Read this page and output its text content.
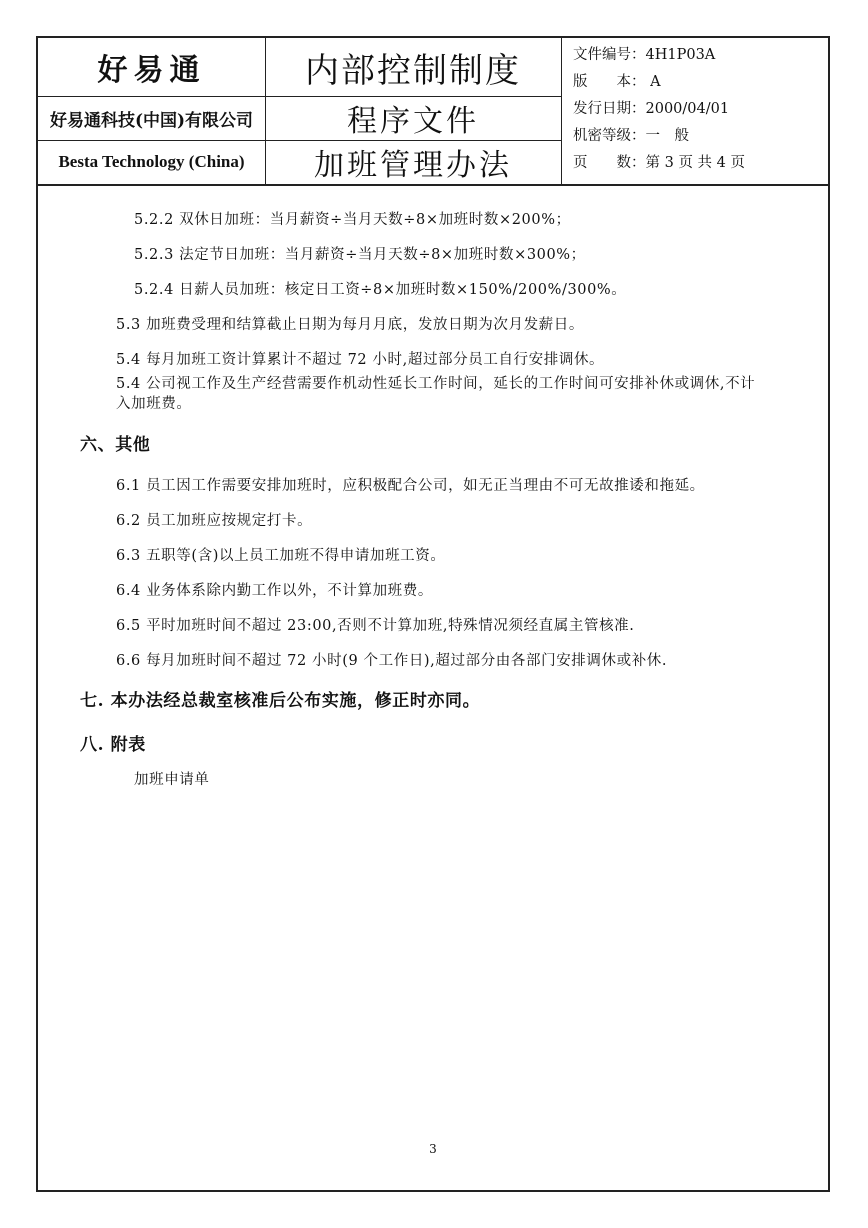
好易通
好易通科技(中国)有限公司
Besta Technology (China)
内部控制制度
程序文件
加班管理办法
文件编号：4H1P03A
版　　本： A
发行日期：2000/04/01
机密等级：一　般
页　　数：第 3 页 共 4 页
5.2.2 双休日加班：当月薪资÷当月天数÷8×加班时数×200%；
5.2.3 法定节日加班：当月薪资÷当月天数÷8×加班时数×300%；
5.2.4 日薪人员加班：核定日工资÷8×加班时数×150%/200%/300%。
5.3 加班费受理和结算截止日期为每月月底，发放日期为次月发薪日。
5.4 每月加班工资计算累计不超过 72 小时,超过部分员工自行安排调休。
5.4 公司视工作及生产经营需要作机动性延长工作时间，延长的工作时间可安排补休或调休,不计入加班费。
六、其他
6.1 员工因工作需要安排加班时，应积极配合公司，如无正当理由不可无故推诿和拖延。
6.2 员工加班应按规定打卡。
6.3 五职等(含)以上员工加班不得申请加班工资。
6.4 业务体系除内勤工作以外，不计算加班费。
6.5 平时加班时间不超过 23:00,否则不计算加班,特殊情况须经直属主管核准.
6.6 每月加班时间不超过 72 小时(9 个工作日),超过部分由各部门安排调休或补休.
七. 本办法经总裁室核准后公布实施，修正时亦同。
八. 附表
加班申请单
3
